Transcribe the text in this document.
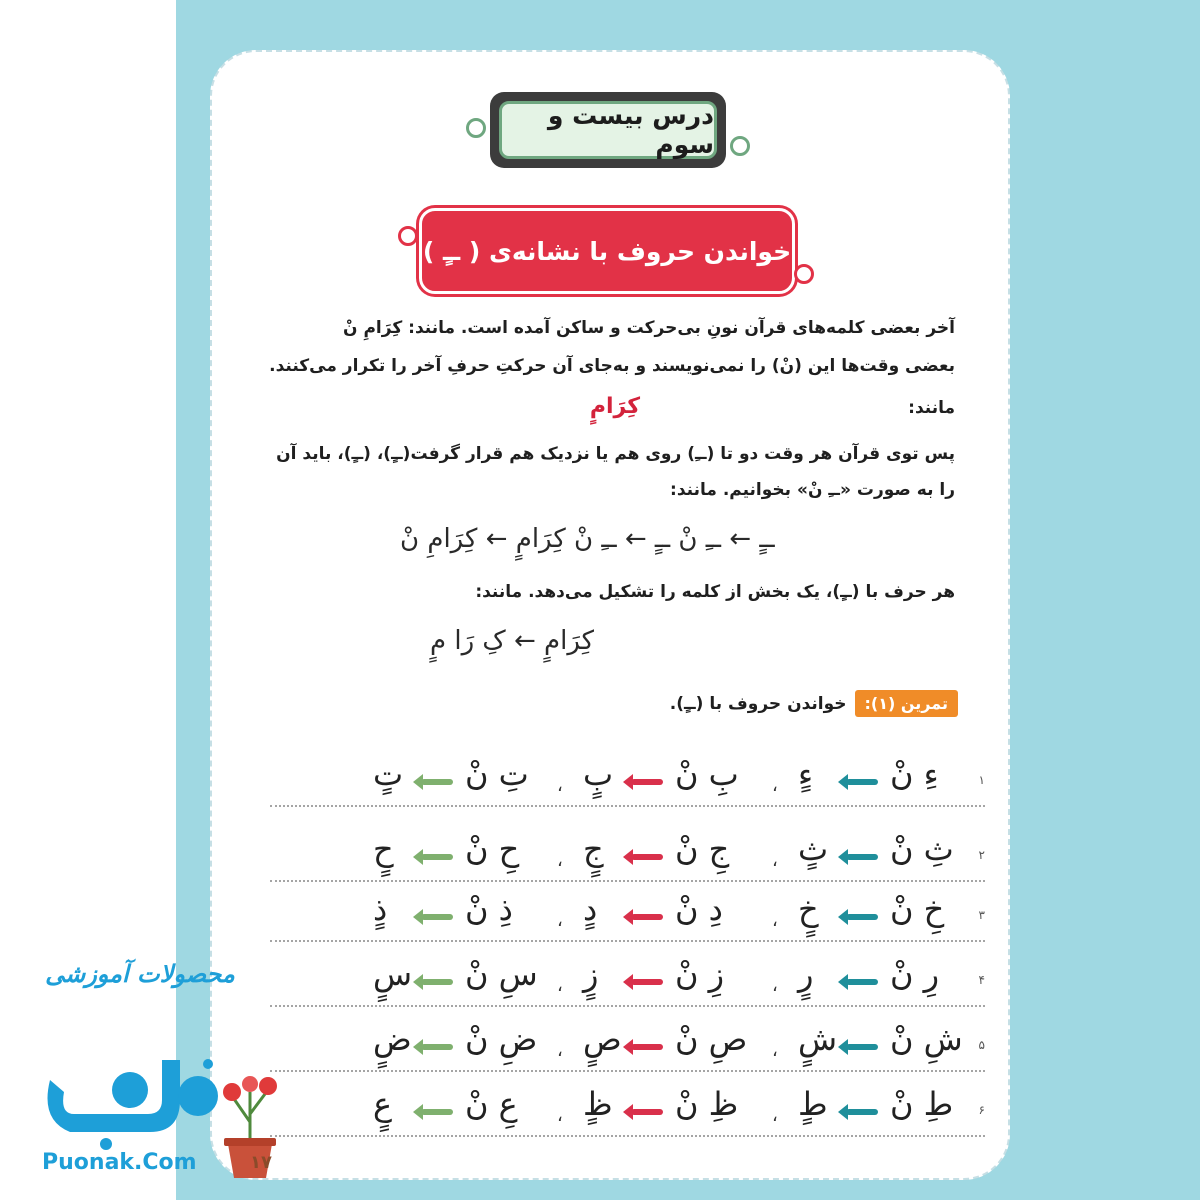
درس بیست و سوم
خواندن حروف با نشانه‌ی ( ــٍ )
آخر بعضی کلمه‌های قرآن نونِ بی‌حرکت و ساکن آمده است. مانند: کِرَامِ نْ
بعضی وقت‌ها این (نْ) را نمی‌نویسند و به‌جای آن حرکتِ حرفِ آخر را تکرار می‌کنند.
مانند:
کِرَامٍ
پس توی قرآن هر وقت دو تا (ــِ) روی هم یا نزدیک هم قرار گرفت(ــٍ)، (ــٍ)، باید آن
را به صورت «ــِ نْ» بخوانیم. مانند:
ــٍ ← ــِ نْ ــٍ ← ــِ نْ کِرَامٍ ← کِرَامِ نْ
هر حرف با (ــٍ)، یک بخش از کلمه را تشکیل می‌دهد. مانند:
کِرَامٍ ← کِ رَا مٍ
تمرین (۱):
خواندن حروف با (ــٍ).
۱
ءِ نْ
ءٍ
،
بِ نْ
بٍ
،
تِ نْ
تٍ
۲
ثِ نْ
ثٍ
،
جِ نْ
جٍ
،
حِ نْ
حٍ
۳
خِ نْ
خٍ
،
دِ نْ
دٍ
،
ذِ نْ
ذٍ
۴
رِ نْ
رٍ
،
زِ نْ
زٍ
،
سِ نْ
سٍ
۵
شِ نْ
شٍ
،
صِ نْ
صٍ
،
ضِ نْ
ضٍ
۶
طِ نْ
طٍ
،
ظِ نْ
ظٍ
،
عِ نْ
عٍ
محصولات آموزشی
Puonak.Com	۱۷
